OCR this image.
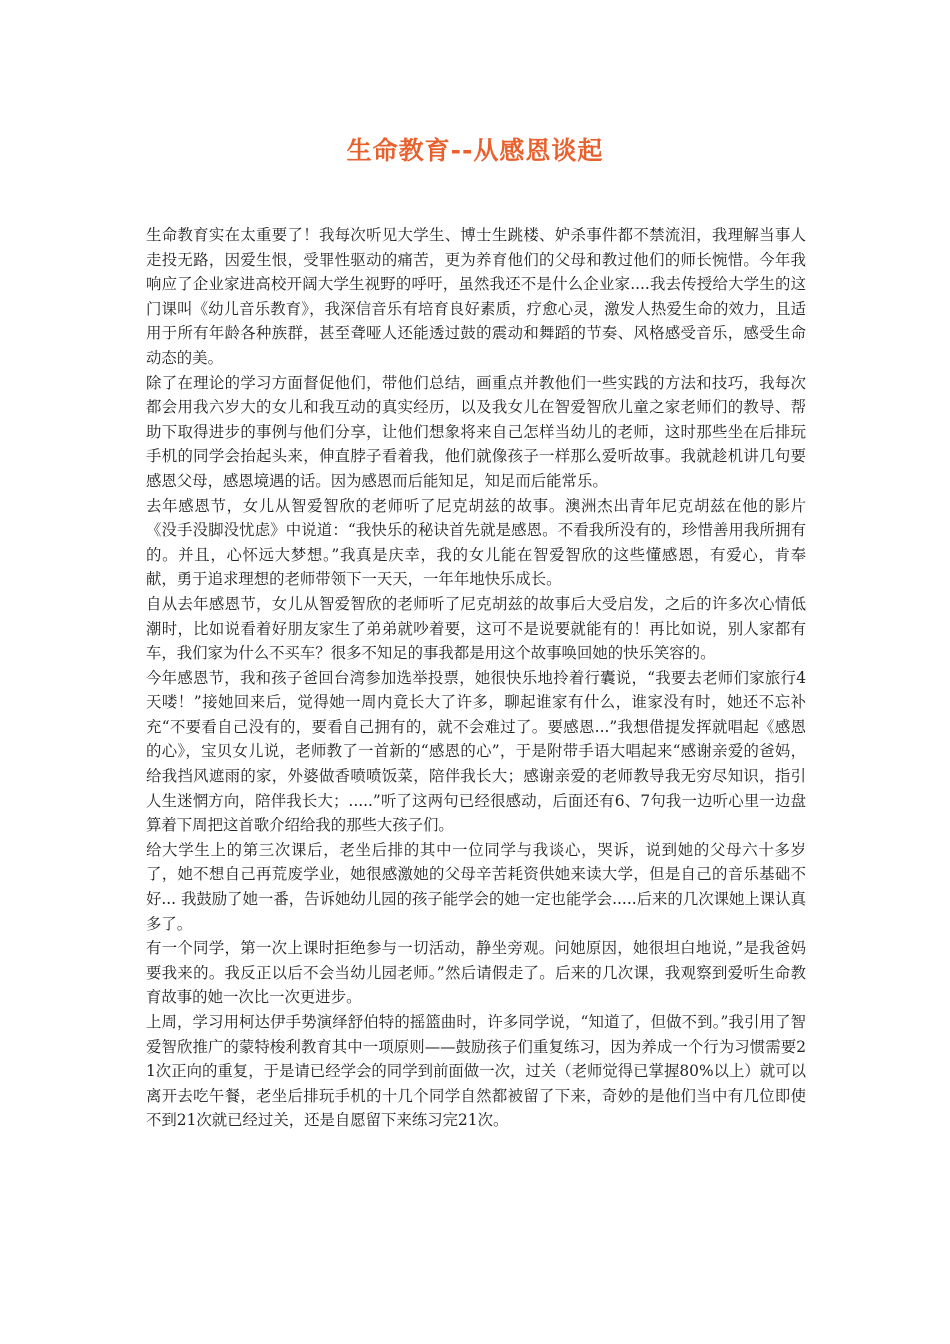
生命教育--从感恩谈起

生命教育实在太重要了！我每次听见大学生、博士生跳楼、妒杀事件都不禁流泪，我理解当事人走投无路，因爱生恨，受罪性驱动的痛苦，更为养育他们的父母和教过他们的师长惋惜。今年我响应了企业家进高校开阔大学生视野的呼吁，虽然我还不是什么企业家....我去传授给大学生的这门课叫《幼儿音乐教育》，我深信音乐有培育良好素质，疗愈心灵，激发人热爱生命的效力，且适用于所有年龄各种族群，甚至聋哑人还能透过鼓的震动和舞蹈的节奏、风格感受音乐，感受生命动态的美。

除了在理论的学习方面督促他们，带他们总结，画重点并教他们一些实践的方法和技巧，我每次都会用我六岁大的女儿和我互动的真实经历，以及我女儿在智爱智欣儿童之家老师们的教导、帮助下取得进步的事例与他们分享，让他们想象将来自己怎样当幼儿的老师，这时那些坐在后排玩手机的同学会抬起头来，伸直脖子看着我，他们就像孩子一样那么爱听故事。我就趁机讲几句要感恩父母，感恩境遇的话。因为感恩而后能知足，知足而后能常乐。

去年感恩节，女儿从智爱智欣的老师听了尼克胡兹的故事。澳洲杰出青年尼克胡兹在他的影片《没手没脚没忧虑》中说道：“我快乐的秘诀首先就是感恩。不看我所没有的，珍惜善用我所拥有的。并且，心怀远大梦想。”我真是庆幸，我的女儿能在智爱智欣的这些懂感恩，有爱心，肯奉献，勇于追求理想的老师带领下一天天，一年年地快乐成长。

自从去年感恩节，女儿从智爱智欣的老师听了尼克胡兹的故事后大受启发，之后的许多次心情低潮时，比如说看着好朋友家生了弟弟就吵着要，这可不是说要就能有的！再比如说，别人家都有车，我们家为什么不买车？很多不知足的事我都是用这个故事唤回她的快乐笑容的。

今年感恩节，我和孩子爸回台湾参加选举投票，她很快乐地拎着行囊说，“我要去老师们家旅行4天喽！”接她回来后，觉得她一周内竟长大了许多，聊起谁家有什么，谁家没有时，她还不忘补充“不要看自己没有的，要看自己拥有的，就不会难过了。要感恩...”我想借提发挥就唱起《感恩的心》，宝贝女儿说，老师教了一首新的“感恩的心”，于是附带手语大唱起来“感谢亲爱的爸妈，给我挡风遮雨的家，外婆做香喷喷饭菜，陪伴我长大；感谢亲爱的老师教导我无穷尽知识，指引人生迷惘方向，陪伴我长大；.....”听了这两句已经很感动，后面还有6、7句我一边听心里一边盘算着下周把这首歌介绍给我的那些大孩子们。

给大学生上的第三次课后，老坐后排的其中一位同学与我谈心，哭诉，说到她的父母六十多岁了，她不想自己再荒废学业，她很感激她的父母辛苦耗资供她来读大学，但是自己的音乐基础不好... 我鼓励了她一番，告诉她幼儿园的孩子能学会的她一定也能学会.....后来的几次课她上课认真多了。

有一个同学，第一次上课时拒绝参与一切活动，静坐旁观。问她原因，她很坦白地说，”是我爸妈要我来的。我反正以后不会当幼儿园老师。”然后请假走了。后来的几次课，我观察到爱听生命教育故事的她一次比一次更进步。

上周，学习用柯达伊手势演绎舒伯特的摇篮曲时，许多同学说，“知道了，但做不到。”我引用了智爱智欣推广的蒙特梭利教育其中一项原则——鼓励孩子们重复练习，因为养成一个行为习惯需要21次正向的重复，于是请已经学会的同学到前面做一次，过关（老师觉得已掌握80%以上）就可以离开去吃午餐，老坐后排玩手机的十几个同学自然都被留了下来，奇妙的是他们当中有几位即使不到21次就已经过关，还是自愿留下来练习完21次。
